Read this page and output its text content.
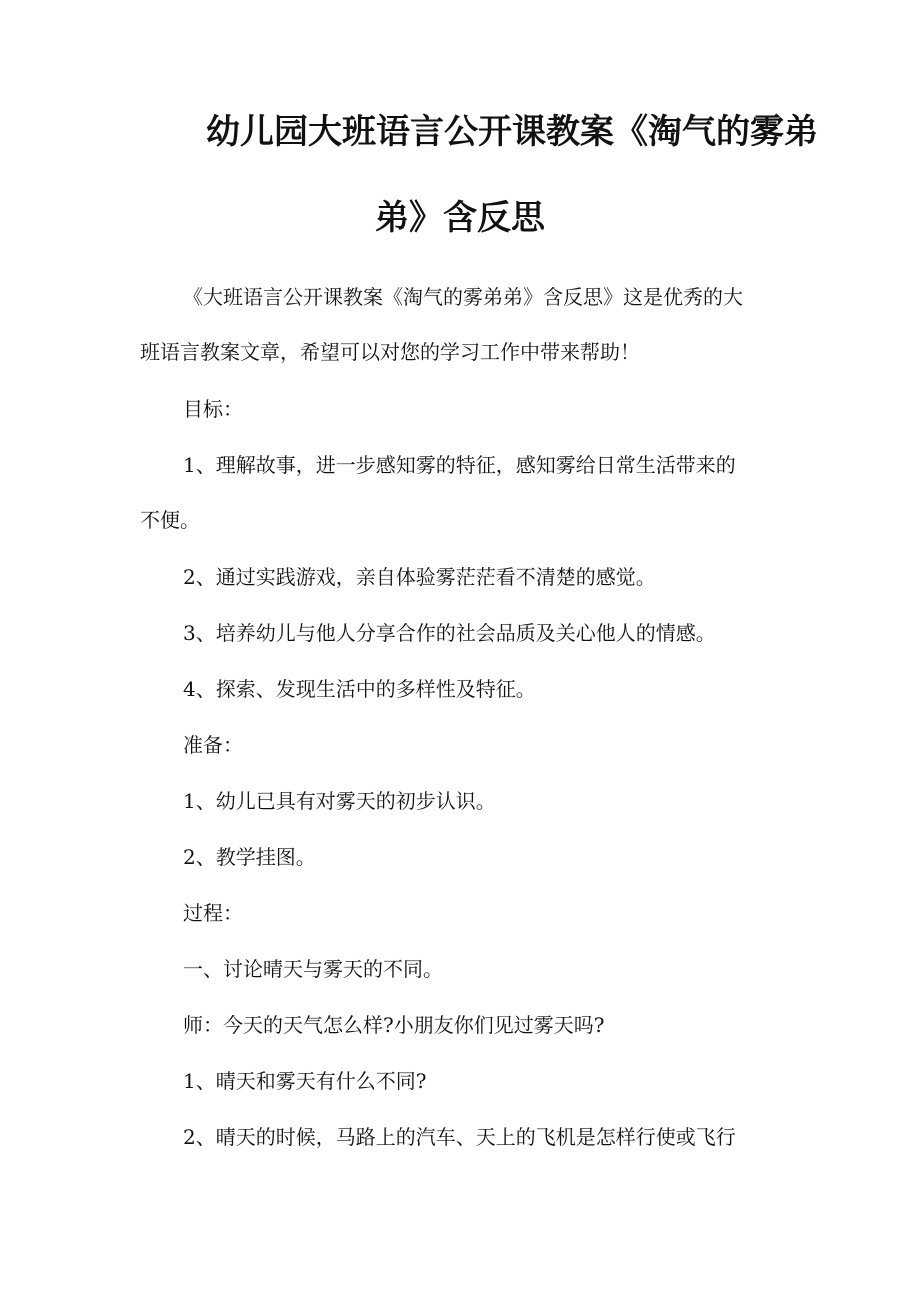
幼儿园大班语言公开课教案《淘气的雾弟
弟》含反思

《大班语言公开课教案《淘气的雾弟弟》含反思》这是优秀的大

班语言教案文章，希望可以对您的学习工作中带来帮助！

目标：

1、理解故事，进一步感知雾的特征，感知雾给日常生活带来的

不便。

2、通过实践游戏，亲自体验雾茫茫看不清楚的感觉。

3、培养幼儿与他人分享合作的社会品质及关心他人的情感。

4、探索、发现生活中的多样性及特征。

准备：

1、幼儿已具有对雾天的初步认识。

2、教学挂图。

过程：

一、讨论晴天与雾天的不同。

师：今天的天气怎么样?小朋友你们见过雾天吗?

1、晴天和雾天有什么不同?

2、晴天的时候，马路上的汽车、天上的飞机是怎样行使或飞行
